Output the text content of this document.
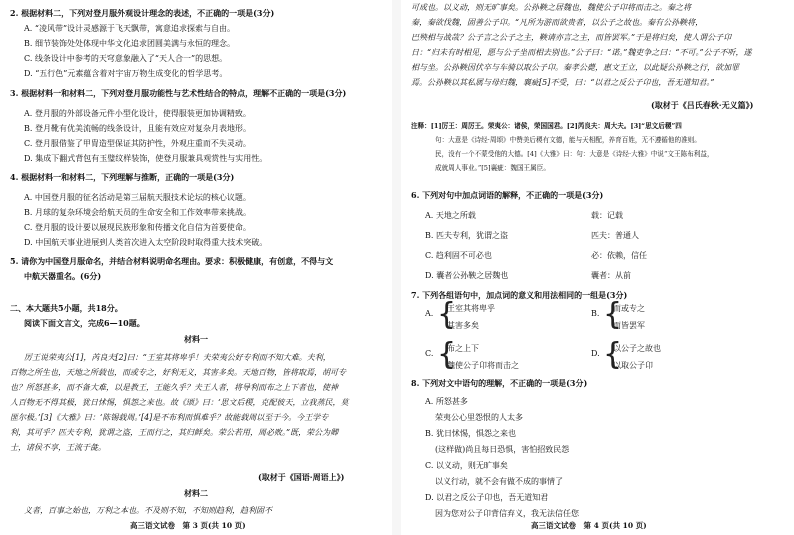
2. 根据材料二，下列对登月服外观设计理念的表述，不正确的一项是(3分)
A. “凌风带”设计灵感源于飞天飘带，寓意追求探索与自由。
B. 细节装饰处处体现中华文化追求团圆美满与永恒的理念。
C. 线条设计中参考的天穹意象融入了“天人合一”的思想。
D. “五行色”元素蕴含着对宇宙万物生成变化的哲学思考。
3. 根据材料一和材料二，下列对登月服功能性与艺术性结合的特点，理解不正确的一项是(3分)
A. 登月服的外部设备元件小型化设计，使得服装更加协调精致。
B. 登月靴有优美流畅的线条设计，且能有效应对复杂月表地形。
C. 登月服借鉴了甲胄造型保证其防护性，外观庄重而不失灵动。
D. 集成下翻式背包有玉璧纹样装饰，使登月服兼具观赏性与实用性。
4. 根据材料一和材料二，下列理解与推断，正确的一项是(3分)
A. 中国登月服的征名活动是第三届航天服技术论坛的核心议题。
B. 月球的复杂环境会给航天员的生命安全和工作效率带来挑战。
C. 登月服的设计要以展现民族形象和传播文化自信为首要使命。
D. 中国航天事业进展到人类首次进入太空阶段时取得重大技术突破。
5. 请你为中国登月服命名，并结合材料说明命名理由。要求：积极健康，有创意，不得与文
中航天器重名。(6分)
二、本大题共5小题，共18分。
阅读下面文言文，完成6—10题。
材料一
厉王说荣夷公[1]，芮良夫[2]曰：“王室其将卑乎！夫荣夷公好专利而不知大难。夫利，
百物之所生也，天地之所载也，而或专之，好利无义，其害多矣。天地百物，皆将取焉，胡可专
也？所怒甚多，而不备大难，以是教王，王能久乎？夫王人者，将导利而布之上下者也，使神
人百物无不得其极，犹日怵惕，惧怨之来也。故《颂》曰：‘思文后稷，克配彼天，立我蒸民，莫
匪尔极。’[3]《大雅》曰：‘陈锡载周。’[4]是不布利而惧难乎？故能载周以至于今。今王学专
利，其可乎？匹夫专利，犹谓之盗，王而行之，其归鲜矣。荣公若用，周必败。”既，荣公为卿
士，诸侯不享，王流于彘。
(取材于《国语·周语上》)
材料二
义者，百事之始也，万利之本也。不及则不知，不知则趋利，趋利固不
高三语文试卷　第 3 页(共 10 页)
可成也。以义动，则无旷事矣。公孙鞅之居魏也，魏使公子卬将而击之。秦之将
秦，秦欲伐魏，固善公子卬。“凡所为游而欲贵者，以公子之故也。秦有公孙鞅将，
巴殃相与战哉？公子言之公子之主，鞅请亦言之主，而皆罢军。”于是将归矣，使人谓公子卬
日：“归未有时相见，愿与公子坐而相去别也。”公子曰：“诺。”魏吏争之曰：“不可。”公子不听，遂
相与坐。公孙鞅因伏卒与车骑以取公子卬。秦孝公薨，惠文王立，以此疑公孙鞅之行，欲加罪
焉。公孙鞅以其私属与母归魏，襄疵[5]不受，曰：“以君之反公子卬也，吾无道知君。”
(取材于《吕氏春秋·无义篇》)
注释：[1]厉王：周厉王。荣夷公：诸侯，荣国国君。[2]芮良夫：周大夫。[3]“思文后稷”四
句：大意是《诗经·周颂》中赞美后稷有文德，能与天相配，养育百姓，无不遵循他的准则。
民，没有一个不蒙受他的大德。[4]《大雅》曰：句：大意是《诗经·大雅》中说“文王陈布利益，
成就周人事业。”[5]襄疵：魏国王属臣。
6. 下列对句中加点词语的解释，不正确的一项是(3分)
A. 天地之所载	载：记载
B. 匹夫专利，犹谓之盗	匹夫：普通人
C. 趋利固不可必也	必：依赖，信任
D. 囊者公孙鞅之居魏也	囊者：从前
7. 下列各组语句中，加点词的意义和用法相同的一组是(3分)
A.
王室其将卑乎
其害多矣
B.
而或专之
而皆罢军
C.
布之上下
魏使公子卬将而击之
D.
以公子之故也
以取公子卬
8. 下列对文中语句的理解，不正确的一项是(3分)
A. 所怒甚多
荣夷公心里怨恨的人太多
B. 犹日怵惕，惧怨之来也
(这样做)尚且每日恐惧，害怕招致民怨
C. 以义动，则无旷事矣
以义行动，就不会有做不成的事情了
D. 以君之反公子卬也，吾无道知君
因为您对公子卬背信弃义，我无法信任您
高三语文试卷　第 4 页(共 10 页)
{	{
{	{
